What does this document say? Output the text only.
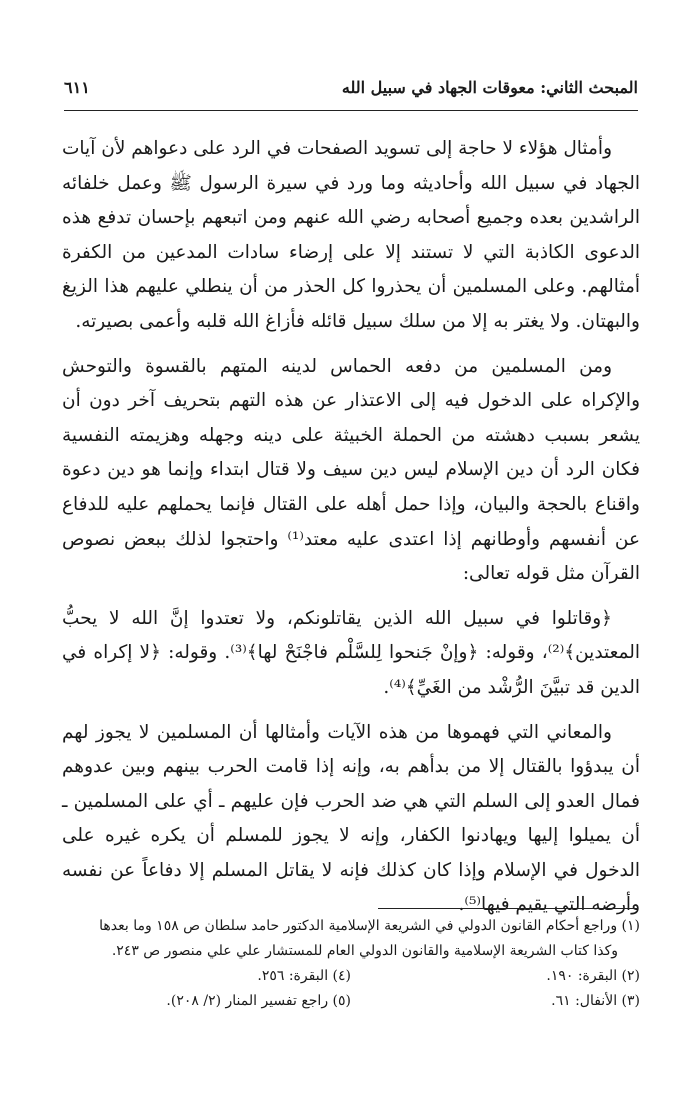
المبحث الثاني: معوقات الجهاد في سبيل الله
٦١١

وأمثال هؤلاء لا حاجة إلى تسويد الصفحات في الرد على دعواهم لأن آيات الجهاد في سبيل الله وأحاديثه وما ورد في سيرة الرسول ﷺ وعمل خلفائه الراشدين بعده وجميع أصحابه رضي الله عنهم ومن اتبعهم بإحسان تدفع هذه الدعوى الكاذبة التي لا تستند إلا على إرضاء سادات المدعين من الكفرة أمثالهم. وعلى المسلمين أن يحذروا كل الحذر من أن ينطلي عليهم هذا الزيغ والبهتان. ولا يغتر به إلا من سلك سبيل قائله فأزاغ الله قلبه وأعمى بصيرته.

ومن المسلمين من دفعه الحماس لدينه المتهم بالقسوة والتوحش والإكراه على الدخول فيه إلى الاعتذار عن هذه التهم بتحريف آخر دون أن يشعر بسبب دهشته من الحملة الخبيثة على دينه وجهله وهزيمته النفسية فكان الرد أن دين الإسلام ليس دين سيف ولا قتال ابتداء وإنما هو دين دعوة واقناع بالحجة والبيان، وإذا حمل أهله على القتال فإنما يحملهم عليه للدفاع عن أنفسهم وأوطانهم إذا اعتدى عليه معتد⁽¹⁾ واحتجوا لذلك ببعض نصوص القرآن مثل قوله تعالى:

﴿وقاتلوا في سبيل الله الذين يقاتلونكم، ولا تعتدوا إنَّ الله لا يحبُّ المعتدين﴾⁽²⁾، وقوله: ﴿وإنْ جَنحوا لِلسَّلْم فاجْنَحْ لها﴾⁽³⁾. وقوله: ﴿لا إكراه في الدين قد تبيَّنَ الرُّشْد من الغَيِّ﴾⁽⁴⁾.

والمعاني التي فهموها من هذه الآيات وأمثالها أن المسلمين لا يجوز لهم أن يبدؤوا بالقتال إلا من بدأهم به، وإنه إذا قامت الحرب بينهم وبين عدوهم فمال العدو إلى السلم التي هي ضد الحرب فإن عليهم ـ أي على المسلمين ـ أن يميلوا إليها ويهادنوا الكفار، وإنه لا يجوز للمسلم أن يكره غيره على الدخول في الإسلام وإذا كان كذلك فإنه لا يقاتل المسلم إلا دفاعاً عن نفسه وأرضه التي يقيم فيها⁽⁵⁾.

(١) وراجع أحكام القانون الدولي في الشريعة الإسلامية الدكتور حامد سلطان ص ١٥٨ وما بعدها

وكذا كتاب الشريعة الإسلامية والقانون الدولي العام للمستشار علي علي منصور ص ٢٤٣.

(٢) البقرة: ١٩٠.

(٤) البقرة: ٢٥٦.

(٣) الأنفال: ٦١.

(٥) راجع تفسير المنار (٢/ ٢٠٨).
